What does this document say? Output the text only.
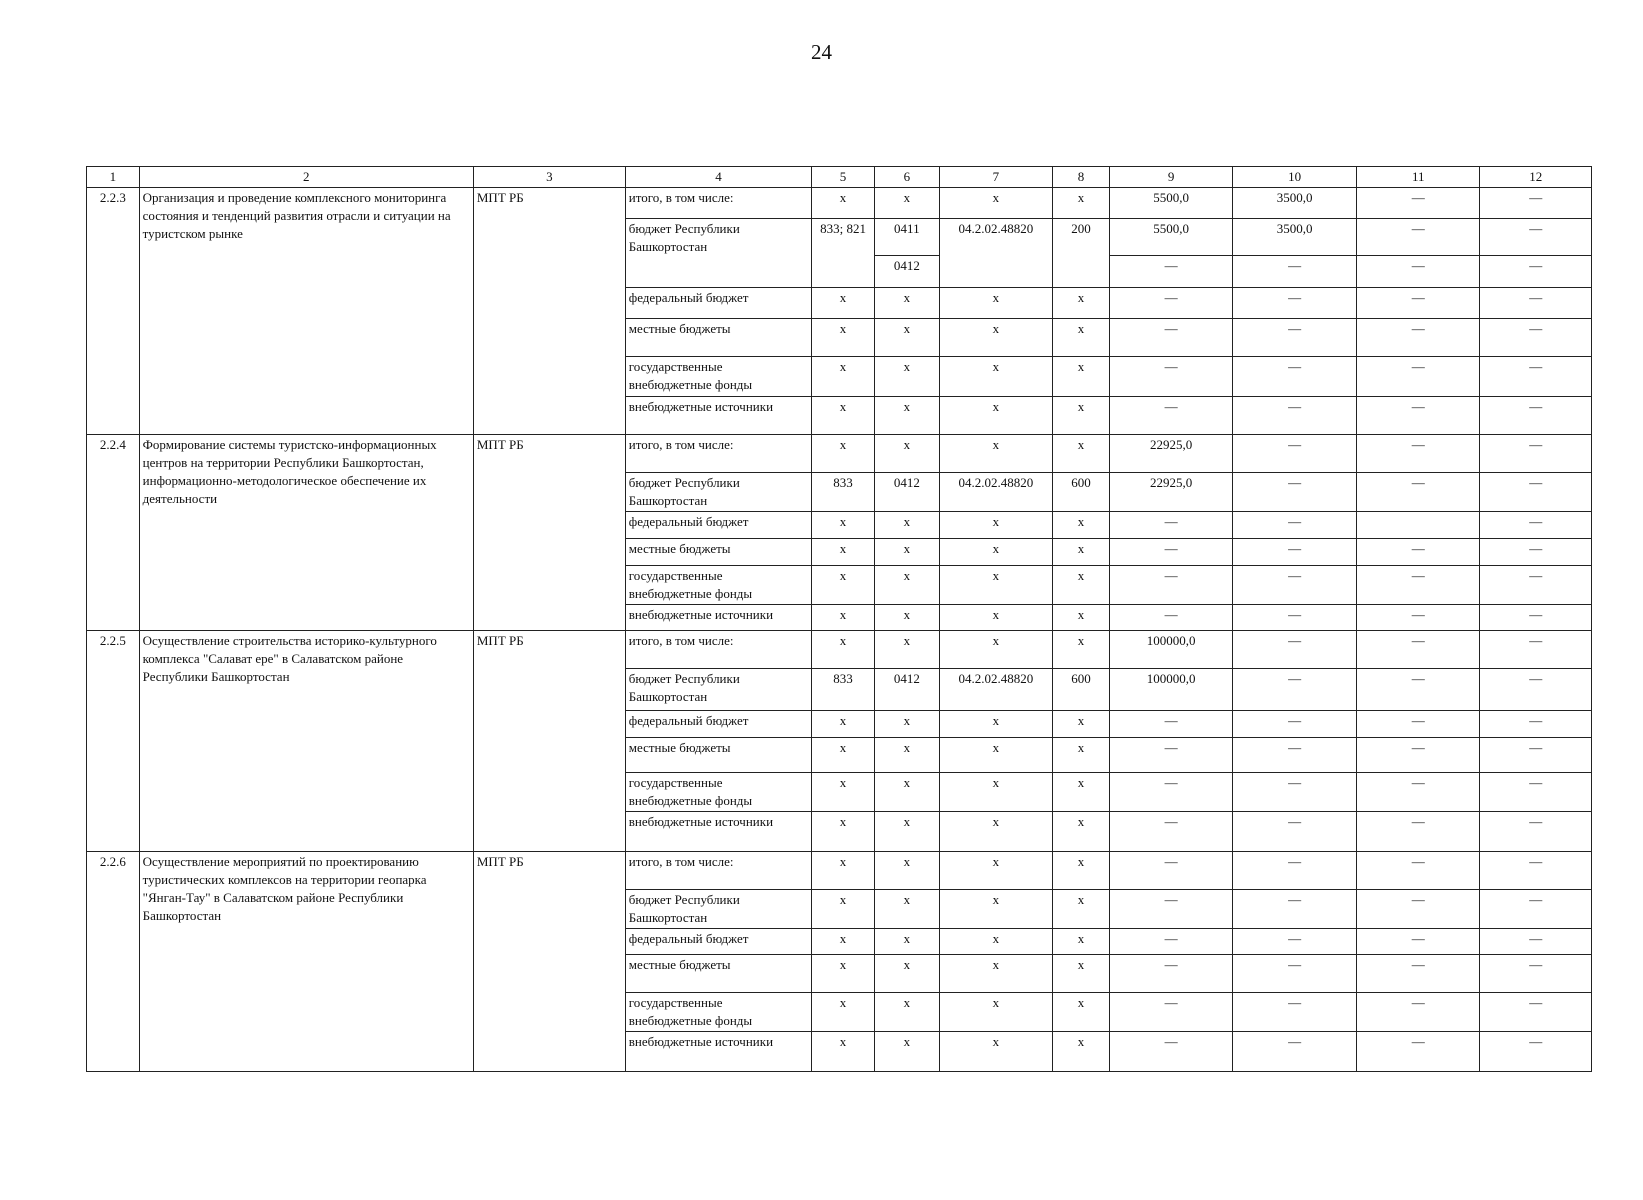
24
1	2	3	4	5	6	7	8	9	10	11	12
2.2.3	Организация и проведение комплексного мониторинга состояния и тенденций развития отрасли и ситуации на туристском рынке	МПТ РБ	итого, в том числе:	x	x	x	x	5500,0	3500,0	—	—
			бюджет Республики Башкортостан	833; 821	0411	04.2.02.48820	200	5500,0	3500,0	—	—
					0412			—	—	—	—
			федеральный бюджет	x	x	x	x	—	—	—	—
			местные бюджеты	x	x	x	x	—	—	—	—
			государственные внебюджетные фонды	x	x	x	x	—	—	—	—
			внебюджетные источники	x	x	x	x	—	—	—	—
2.2.4	Формирование системы туристско-информационных центров на территории Республики Башкортостан, информационно-методологическое обеспечение их деятельности	МПТ РБ	итого, в том числе:	x	x	x	x	22925,0	—	—	—
			бюджет Республики Башкортостан	833	0412	04.2.02.48820	600	22925,0	—	—	—
			федеральный бюджет	x	x	x	x	—	—		—
			местные бюджеты	x	x	x	x	—	—	—	—
			государственные внебюджетные фонды	x	x	x	x	—	—	—	—
			внебюджетные источники	x	x	x	x	—	—	—	—
2.2.5	Осуществление строительства историко-культурного комплекса "Салават ере" в Салаватском районе Республики Башкортостан	МПТ РБ	итого, в том числе:	x	x	x	x	100000,0	—	—	—
			бюджет Республики Башкортостан	833	0412	04.2.02.48820	600	100000,0	—	—	—
			федеральный бюджет	x	x	x	x	—	—	—	—
			местные бюджеты	x	x	x	x	—	—	—	—
			государственные внебюджетные фонды	x	x	x	x	—	—	—	—
			внебюджетные источники	x	x	x	x	—	—	—	—
2.2.6	Осуществление мероприятий по проектированию туристических комплексов на территории геопарка "Янган-Тау" в Салаватском районе Республики Башкортостан	МПТ РБ	итого, в том числе:	x	x	x	x	—	—	—	—
			бюджет Республики Башкортостан	x	x	x	x	—	—	—	—
			федеральный бюджет	x	x	x	x	—	—	—	—
			местные бюджеты	x	x	x	x	—	—	—	—
			государственные внебюджетные фонды	x	x	x	x	—	—	—	—
			внебюджетные источники	x	x	x	x	—	—	—	—
